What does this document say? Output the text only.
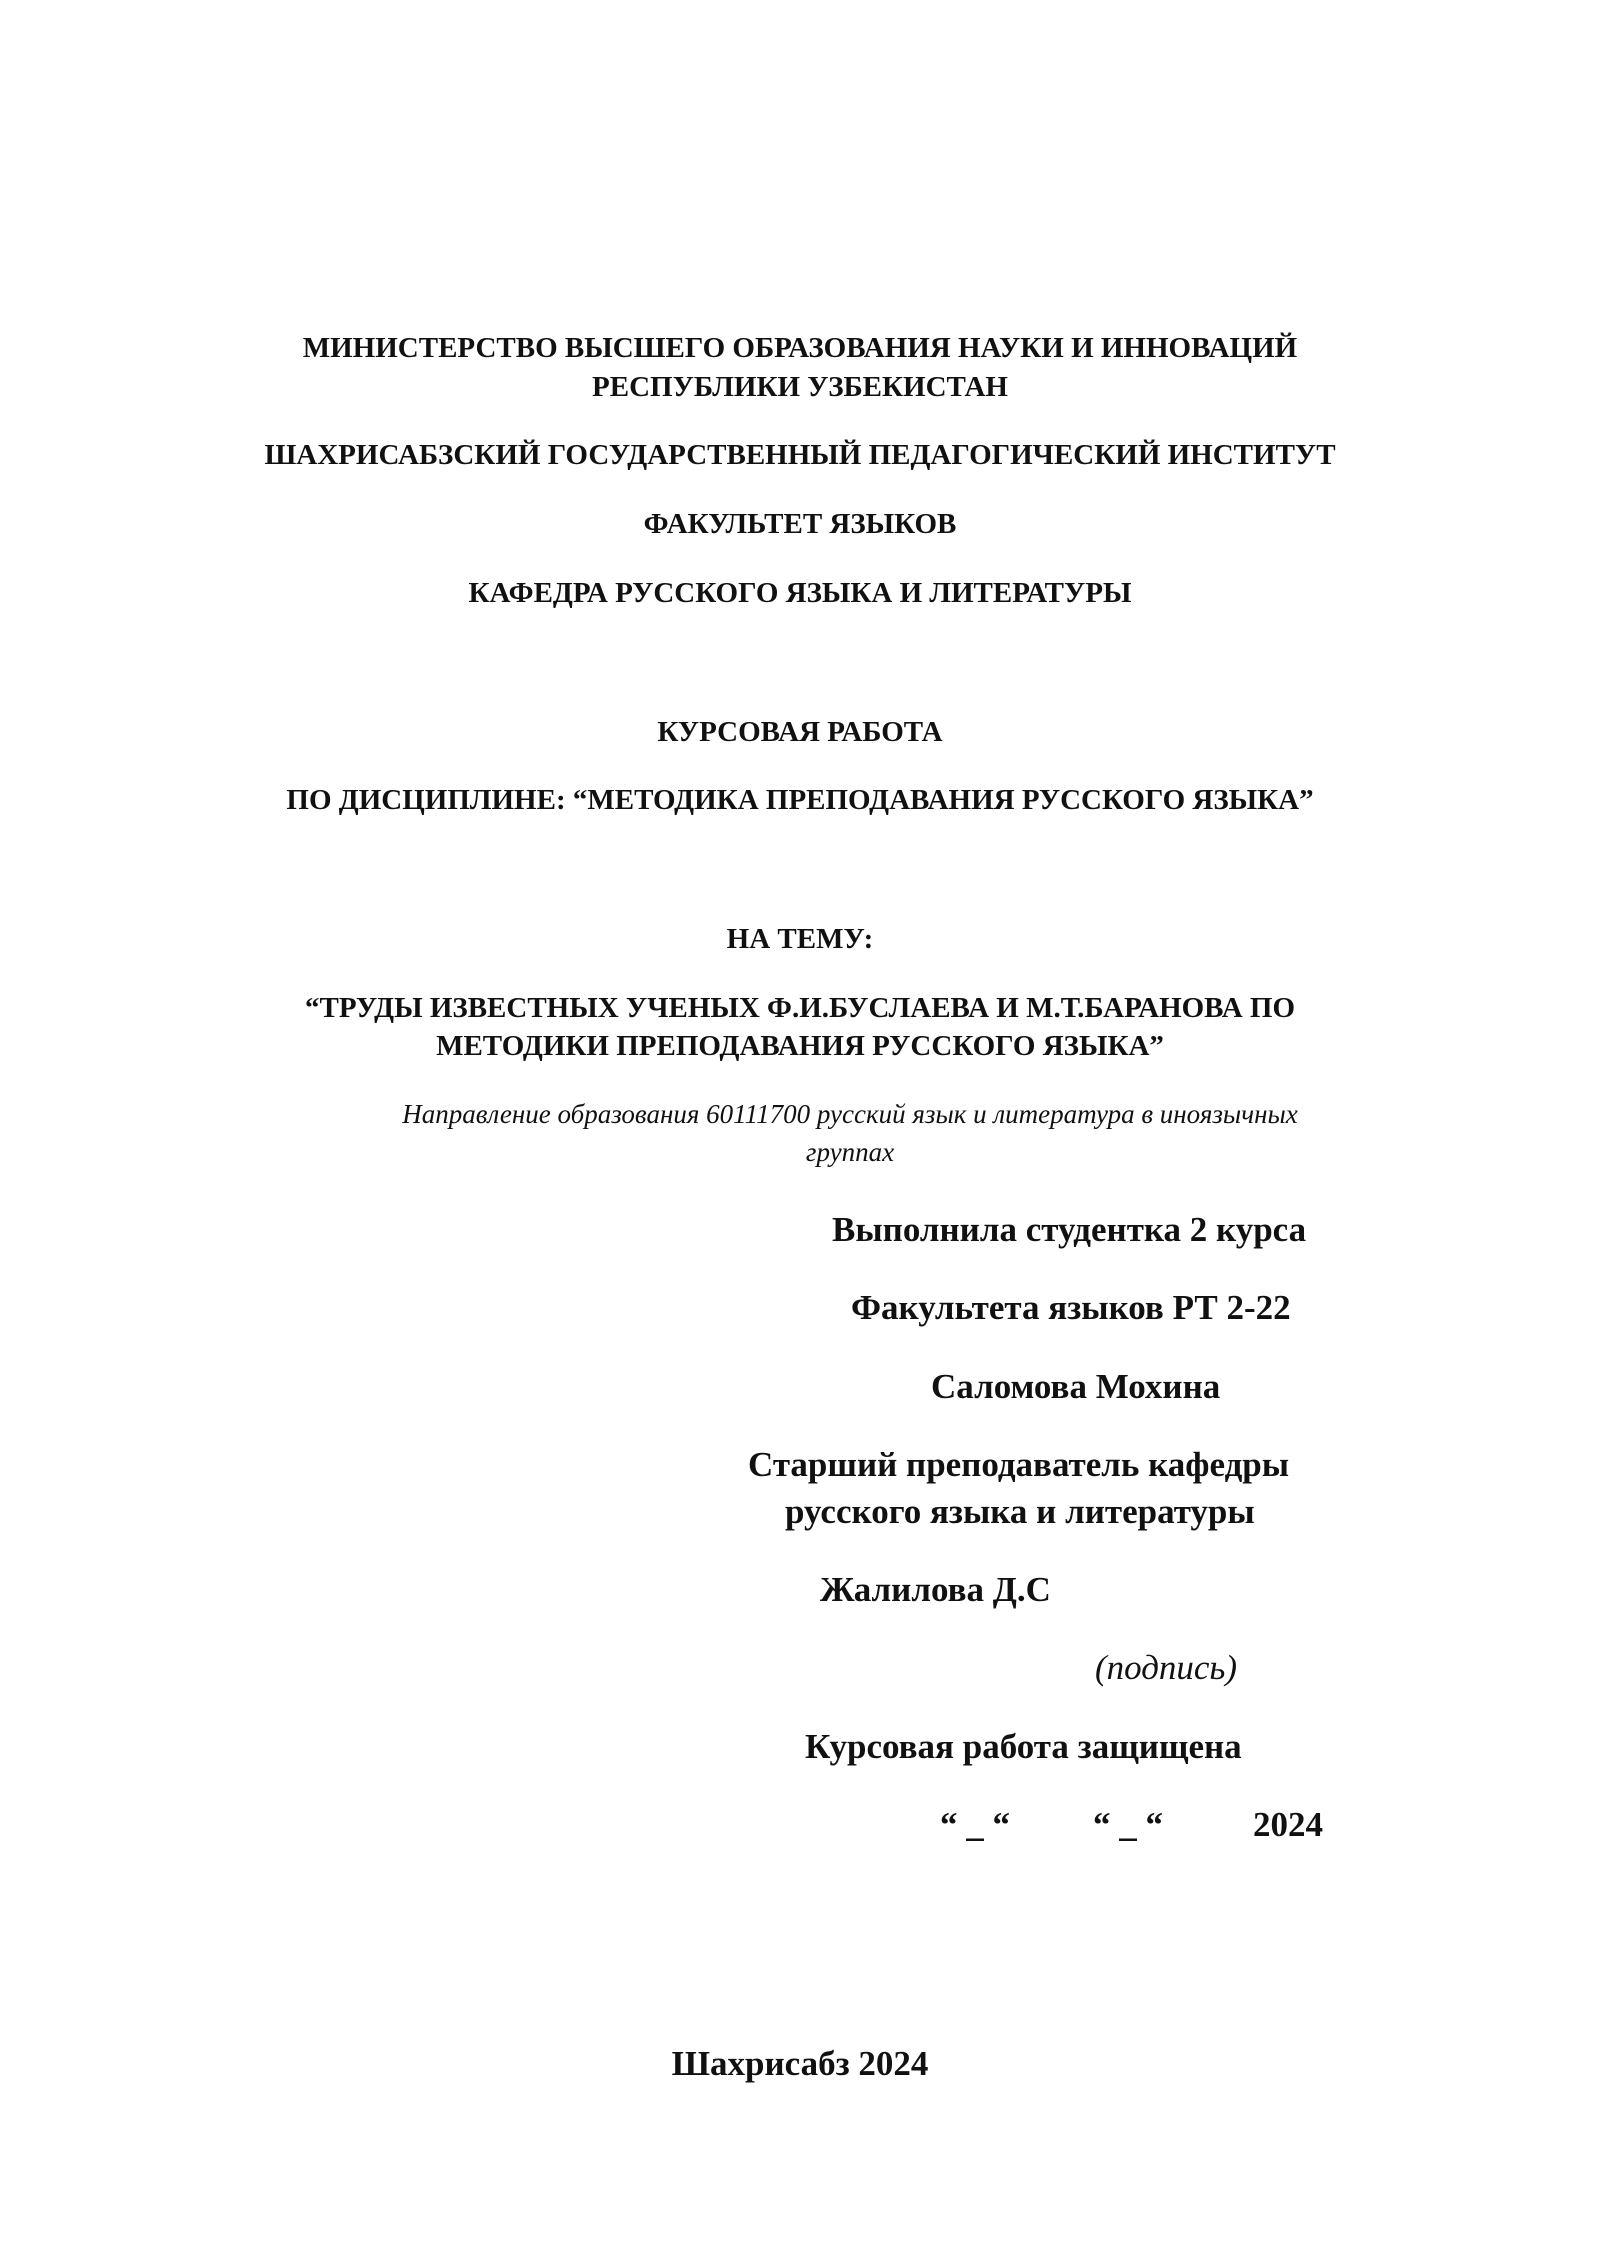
МИНИСТЕРСТВО ВЫСШЕГО ОБРАЗОВАНИЯ НАУКИ И ИННОВАЦИЙ
РЕСПУБЛИКИ УЗБЕКИСТАН
ШАХРИСАБЗСКИЙ ГОСУДАРСТВЕННЫЙ ПЕДАГОГИЧЕСКИЙ ИНСТИТУТ
ФАКУЛЬТЕТ ЯЗЫКОВ
КАФЕДРА РУССКОГО ЯЗЫКА И ЛИТЕРАТУРЫ
КУРСОВАЯ РАБОТА
ПО ДИСЦИПЛИНЕ: “МЕТОДИКА ПРЕПОДАВАНИЯ РУССКОГО ЯЗЫКА”
НА ТЕМУ:
“ТРУДЫ ИЗВЕСТНЫХ УЧЕНЫХ Ф.И.БУСЛАЕВА И М.Т.БАРАНОВА ПО
МЕТОДИКИ ПРЕПОДАВАНИЯ РУССКОГО ЯЗЫКА”
Направление образования 60111700 русский язык и литература в иноязычных
группах
Выполнила студентка 2 курса
Факультета языков РТ 2-22
Саломова Мохина
Старший преподаватель кафедры
русского языка и литературы
Жалилова Д.С
(подпись)
Курсовая работа защищена
“ _ “ “ _ “	2024
Шахрисабз 2024
